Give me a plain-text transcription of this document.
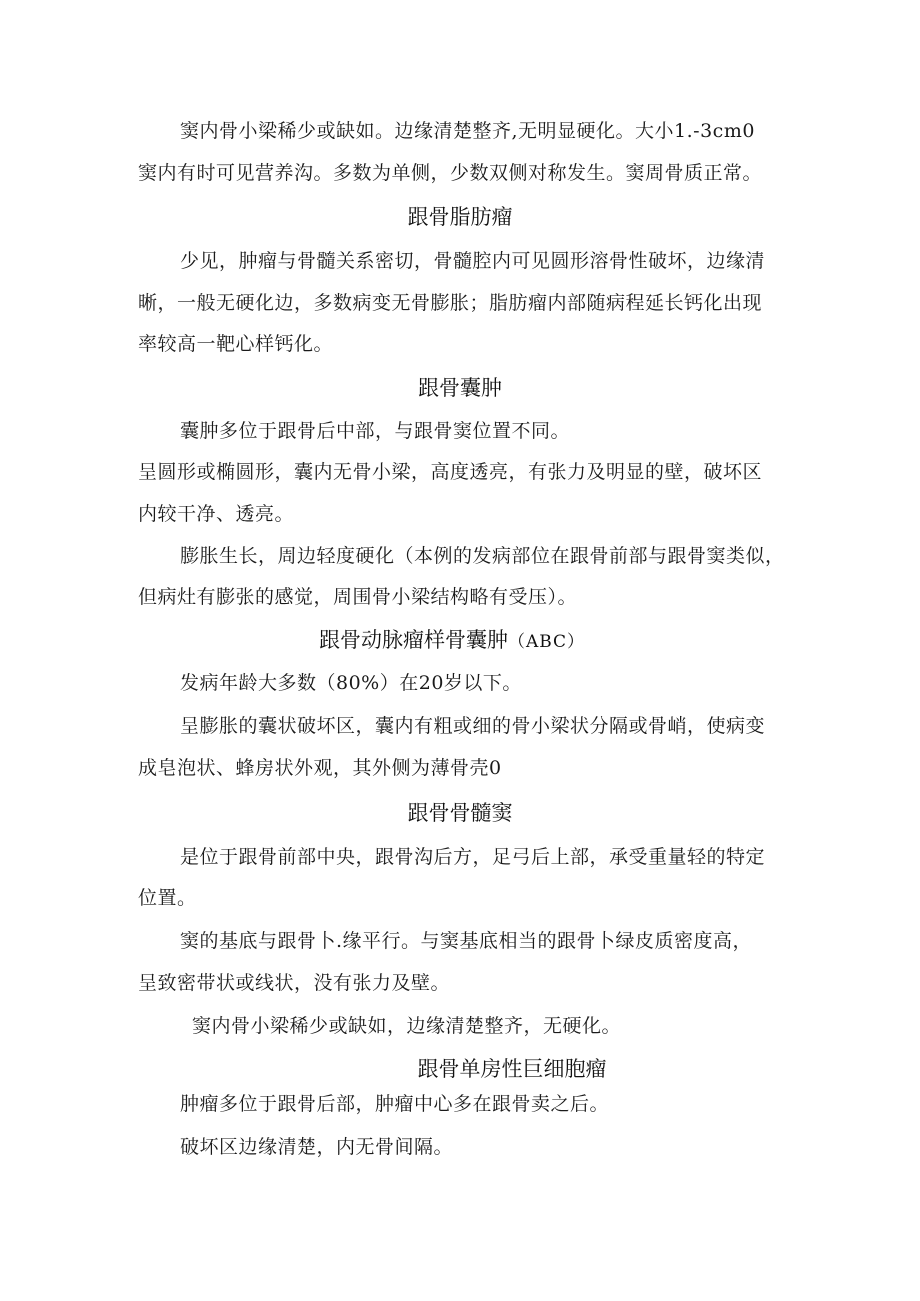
窦内骨小梁稀少或缺如。边缘清楚整齐,无明显硬化。大小1.-3cm0
窦内有时可见营养沟。多数为单侧，少数双侧对称发生。窦周骨质正常。
跟骨脂肪瘤
少见，肿瘤与骨髓关系密切，骨髓腔内可见圆形溶骨性破坏，边缘清
晰，一般无硬化边，多数病变无骨膨胀；脂肪瘤内部随病程延长钙化出现
率较高一靶心样钙化。
跟骨囊肿
囊肿多位于跟骨后中部，与跟骨窦位置不同。
呈圆形或椭圆形，囊内无骨小梁，高度透亮，有张力及明显的壁，破坏区
内较干净、透亮。
膨胀生长，周边轻度硬化（本例的发病部位在跟骨前部与跟骨窦类似，
但病灶有膨张的感觉，周围骨小梁结构略有受压）。
跟骨动脉瘤样骨囊肿（ABC）
发病年龄大多数（80%）在20岁以下。
呈膨胀的囊状破坏区，囊内有粗或细的骨小梁状分隔或骨峭，使病变
成皂泡状、蜂房状外观，其外侧为薄骨壳0
跟骨骨髓窦
是位于跟骨前部中央，跟骨沟后方，足弓后上部，承受重量轻的特定
位置。
窦的基底与跟骨卜.缘平行。与窦基底相当的跟骨卜绿皮质密度高，
呈致密带状或线状，没有张力及壁。
窦内骨小梁稀少或缺如，边缘清楚整齐，无硬化。
跟骨单房性巨细胞瘤
肿瘤多位于跟骨后部，肿瘤中心多在跟骨卖之后。
破坏区边缘清楚，内无骨间隔。
